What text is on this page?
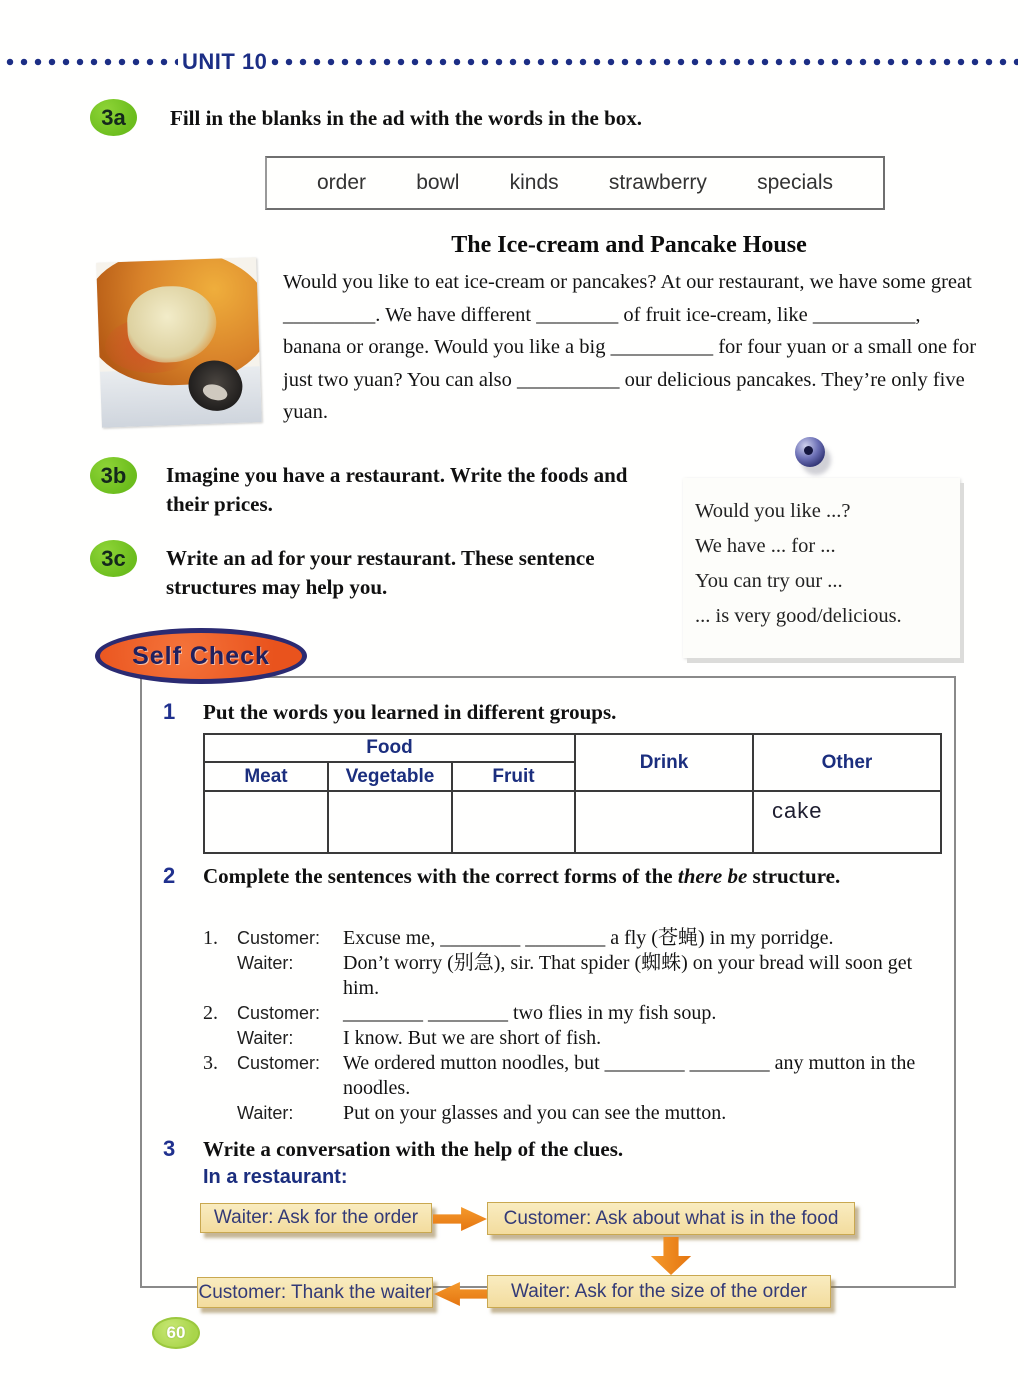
UNIT 10
3a	Fill in the blanks in the ad with the words in the box.
order bowl kinds strawberry specials
The Ice-cream and Pancake House
Would you like to eat ice-cream or pancakes? At our restaurant, we have some great _________. We have different ________ of fruit ice-cream, like __________, banana or orange. Would you like a big __________ for four yuan or a small one for just two yuan? You can also __________ our delicious pancakes. They’re only five yuan.
3b	Imagine you have a restaurant. Write the foods and their prices.
3c	Write an ad for your restaurant. These sentence structures may help you.
Would you like ...?
We have ... for ...
You can try our ...
... is very good/delicious.
Self Check
1 Put the words you learned in different groups.
Food			Drink	Other
Meat	Vegetable	Fruit		

				cake
2 Complete the sentences with the correct forms of the there be structure.
1.	Customer:	Excuse me, ________ ________ a fly (苍蝇) in my porridge.
Waiter:	Don’t worry (别急), sir. That spider (蜘蛛) on your bread will soon get him.
2.	Customer:	________ ________ two flies in my fish soup.
Waiter:	I know. But we are short of fish.
3.	Customer:	We ordered mutton noodles, but ________ ________ any mutton in the noodles.
Waiter:	Put on your glasses and you can see the mutton.
3 Write a conversation with the help of the clues.
In a restaurant:
Waiter: Ask for the order	Customer: Ask about what is in the food
Customer: Thank the waiter	Waiter: Ask for the size of the order
60
